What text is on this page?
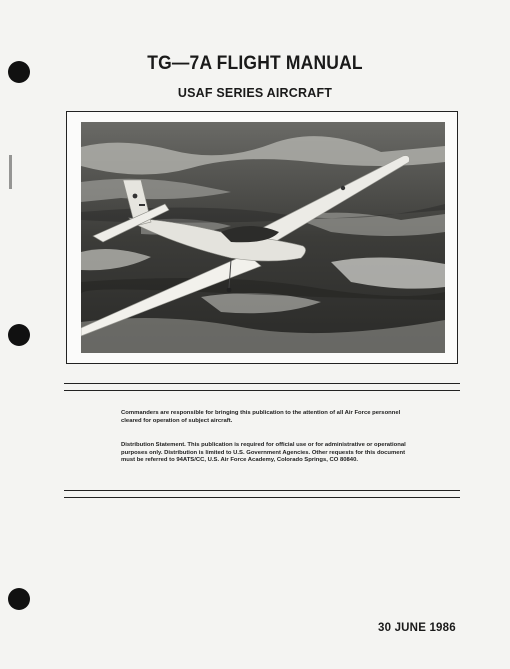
TG—7A FLIGHT MANUAL
USAF SERIES AIRCRAFT
Commanders are responsible for bringing this publication to the attention of all Air Force personnel cleared for operation of subject aircraft.
Distribution Statement. This publication is required for official use or for administrative or operational purposes only. Distribution is limited to U.S. Government Agencies. Other requests for this document must be referred to 94ATS/CC, U.S. Air Force Academy, Colorado Springs, CO 80840.
30 JUNE 1986
